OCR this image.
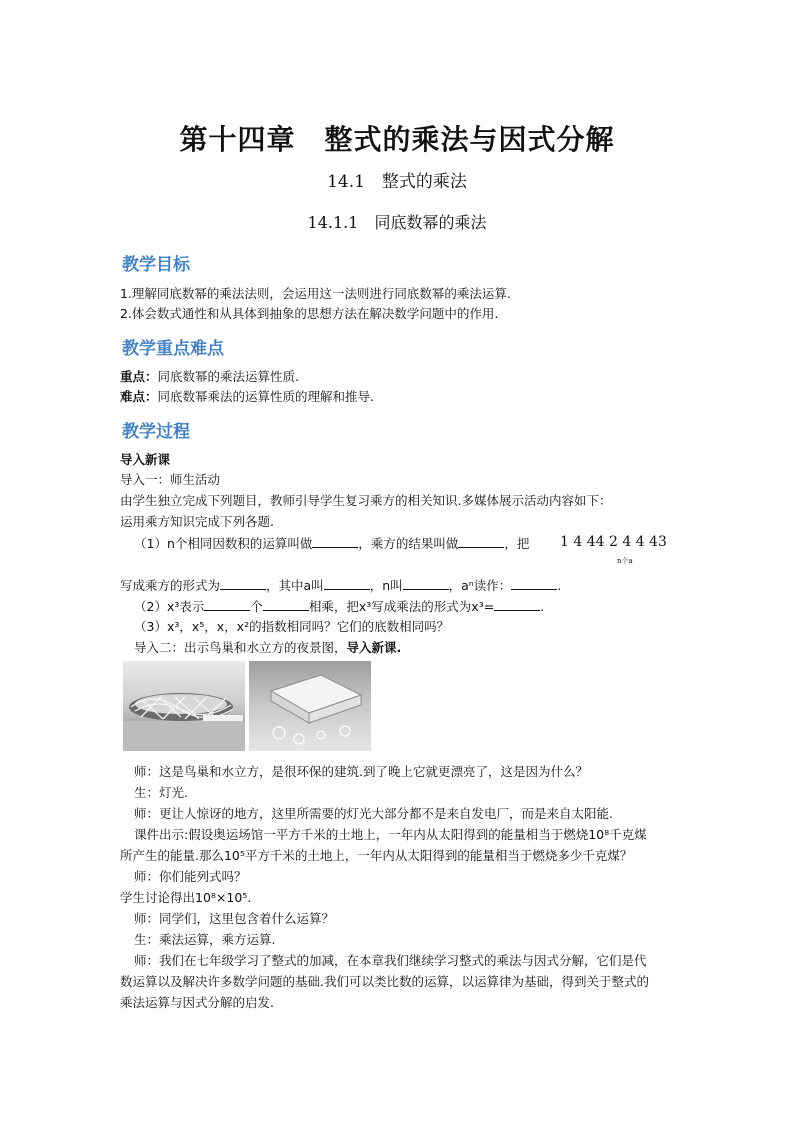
第十四章　整式的乘法与因式分解
14.1　整式的乘法
14.1.1　同底数幂的乘法
教学目标
1.理解同底数幂的乘法法则，会运用这一法则进行同底数幂的乘法运算.
2.体会数式通性和从具体到抽象的思想方法在解决数学问题中的作用.
教学重点难点
重点：同底数幂的乘法运算性质.
难点：同底数幂乘法的运算性质的理解和推导.
教学过程
导入新课
导入一：师生活动
由学生独立完成下列题目，教师引导学生复习乘方的相关知识.多媒体展示活动内容如下：
运用乘方知识完成下列各题.
（1）n个相同因数积的运算叫做	，乘方的结果叫做	，把 1 4 44 2 4 4 43
n个a
写成乘方的形式为	，其中a叫	，n叫	，aⁿ读作：	.
（2）x³表示	个	相乘，把x³写成乘法的形式为x³=	.
（3）x³，x⁵，x，x²的指数相同吗？它们的底数相同吗？
导入二：出示鸟巢和水立方的夜景图，导入新课.
师：这是鸟巢和水立方，是很环保的建筑.到了晚上它就更漂亮了，这是因为什么？
生：灯光.
师：更让人惊讶的地方，这里所需要的灯光大部分都不是来自发电厂，而是来自太阳能.
课件出示:假设奥运场馆一平方千米的土地上，一年内从太阳得到的能量相当于燃烧10⁸千克煤
所产生的能量.那么10⁵平方千米的土地上，一年内从太阳得到的能量相当于燃烧多少千克煤？
师：你们能列式吗？
学生讨论得出10⁸×10⁵.
师：同学们，这里包含着什么运算？
生：乘法运算，乘方运算.
师：我们在七年级学习了整式的加减，在本章我们继续学习整式的乘法与因式分解，它们是代
数运算以及解决许多数学问题的基础.我们可以类比数的运算，以运算律为基础，得到关于整式的
乘法运算与因式分解的启发.
